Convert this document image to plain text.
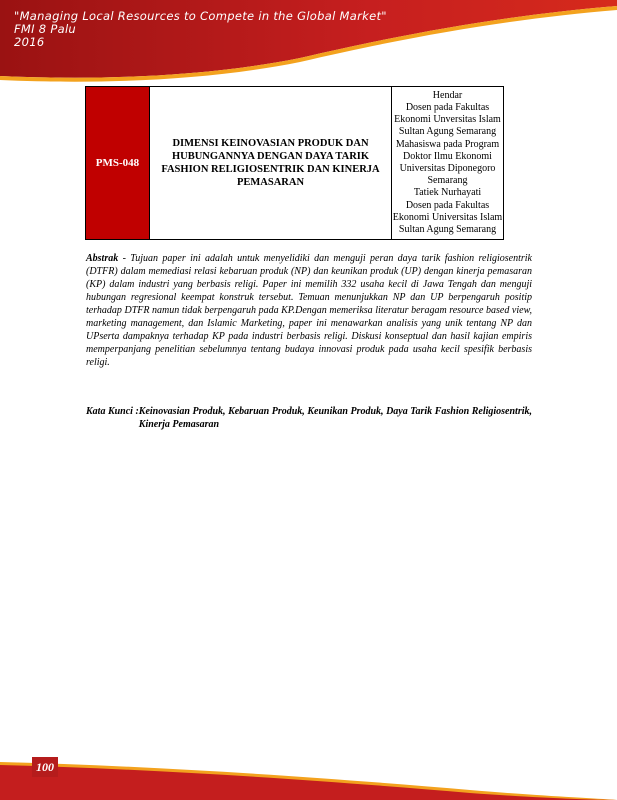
"Managing Local Resources to Compete in the Global Market"
FMI 8 Palu
2016
PMS-048	DIMENSI KEINOVASIAN PRODUK DAN HUBUNGANNYA DENGAN DAYA TARIK FASHION RELIGIOSENTRIK DAN KINERJA PEMASARAN	
Hendar
Dosen pada Fakultas
Ekonomi Unversitas Islam
Sultan Agung Semarang
Mahasiswa pada Program
Doktor Ilmu Ekonomi
Universitas Diponegoro
Semarang
Tatiek Nurhayati
Dosen pada Fakultas
Ekonomi Universitas Islam
Sultan Agung Semarang
Abstrak - Tujuan paper ini adalah untuk menyelidiki dan menguji peran daya tarik fashion religiosentrik (DTFR) dalam memediasi relasi kebaruan produk (NP) dan keunikan produk (UP) dengan kinerja pemasaran (KP) dalam industri yang berbasis religi. Paper ini memilih 332 usaha kecil di Jawa Tengah dan menguji hubungan regresional keempat konstruk tersebut. Temuan menunjukkan NP dan UP berpengaruh positip terhadap DTFR namun tidak berpengaruh pada KP.Dengan memeriksa literatur beragam resource based view, marketing management, dan Islamic Marketing, paper ini menawarkan analisis yang unik tentang NP dan UPserta dampaknya terhadap KP pada industri berbasis religi. Diskusi konseptual dan hasil kajian empiris memperpanjang penelitian sebelumnya tentang budaya innovasi produk pada usaha kecil spesifik berbasis religi.
Kata Kunci : Keinovasian Produk, Kebaruan Produk, Keunikan Produk, Daya Tarik Fashion Religiosentrik, Kinerja Pemasaran
100
